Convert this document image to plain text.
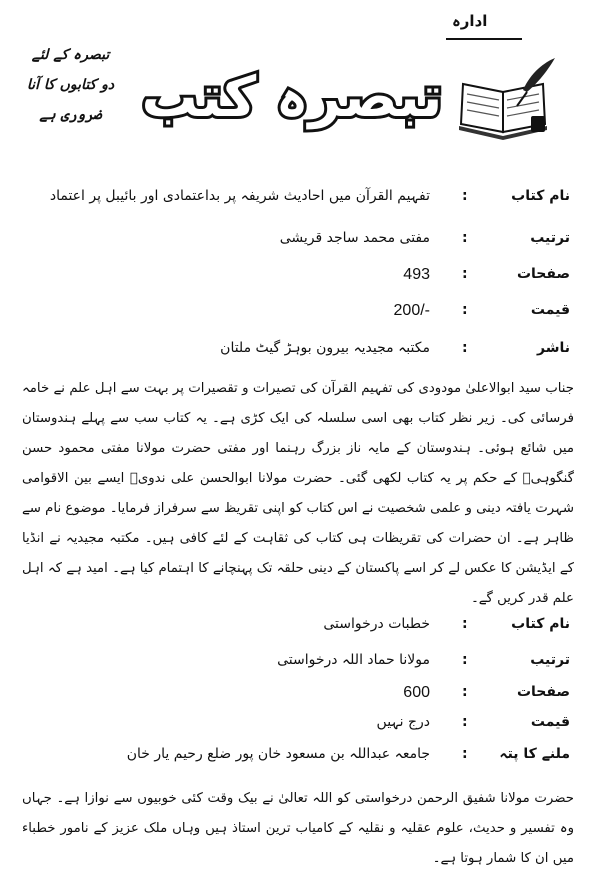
ادارہ
تبصرہ کے لئے
دو کتابوں کا آنا
ضروری ہے تبصرہ کتب
نام کتاب
:
تفہیم القرآن میں احادیث شریفہ پر بداعتمادی اور بائیبل پر اعتماد
ترتیب
:
مفتی محمد ساجد قریشی
صفحات
:
493
قیمت
:
200/-
ناشر
:
مکتبہ مجیدیہ بیرون بوہڑ گیٹ ملتان
جناب سید ابوالاعلیٰ مودودی کی تفہیم القرآن کی تصیرات و تقصیرات پر بہت سے اہل علم نے خامہ فرسائی کی۔ زیر نظر کتاب بھی اسی سلسلہ کی ایک کڑی ہے۔ یہ کتاب سب سے پہلے ہندوستان میں شائع ہوئی۔ ہندوستان کے مایہ ناز بزرگ رہنما اور مفتی حضرت مولانا مفتی محمود حسن گنگوہیؒ کے حکم پر یہ کتاب لکھی گئی۔ حضرت مولانا ابوالحسن علی ندویؒ ایسے بین الاقوامی شہرت یافتہ دینی و علمی شخصیت نے اس کتاب کو اپنی تقریظ سے سرفراز فرمایا۔ موضوع نام سے ظاہر ہے۔ ان حضرات کی تقریظات ہی کتاب کی ثقاہت کے لئے کافی ہیں۔ مکتبہ مجیدیہ نے انڈیا کے ایڈیشن کا عکس لے کر اسے پاکستان کے دینی حلقہ تک پہنچانے کا اہتمام کیا ہے۔ امید ہے کہ اہل علم قدر کریں گے۔
نام کتاب
:
خطبات درخواستی
ترتیب
:
مولانا حماد اللہ درخواستی
صفحات
:
600
قیمت
:
درج نہیں
ملنے کا پتہ
:
جامعہ عبداللہ بن مسعود خان پور ضلع رحیم یار خان
حضرت مولانا شفیق الرحمن درخواستی کو اللہ تعالیٰ نے بیک وقت کئی خوبیوں سے نوازا ہے۔ جہاں وہ تفسیر و حدیث، علوم عقلیہ و نقلیہ کے کامیاب ترین استاذ ہیں وہاں ملک عزیز کے نامور خطباء میں ان کا شمار ہوتا ہے۔
